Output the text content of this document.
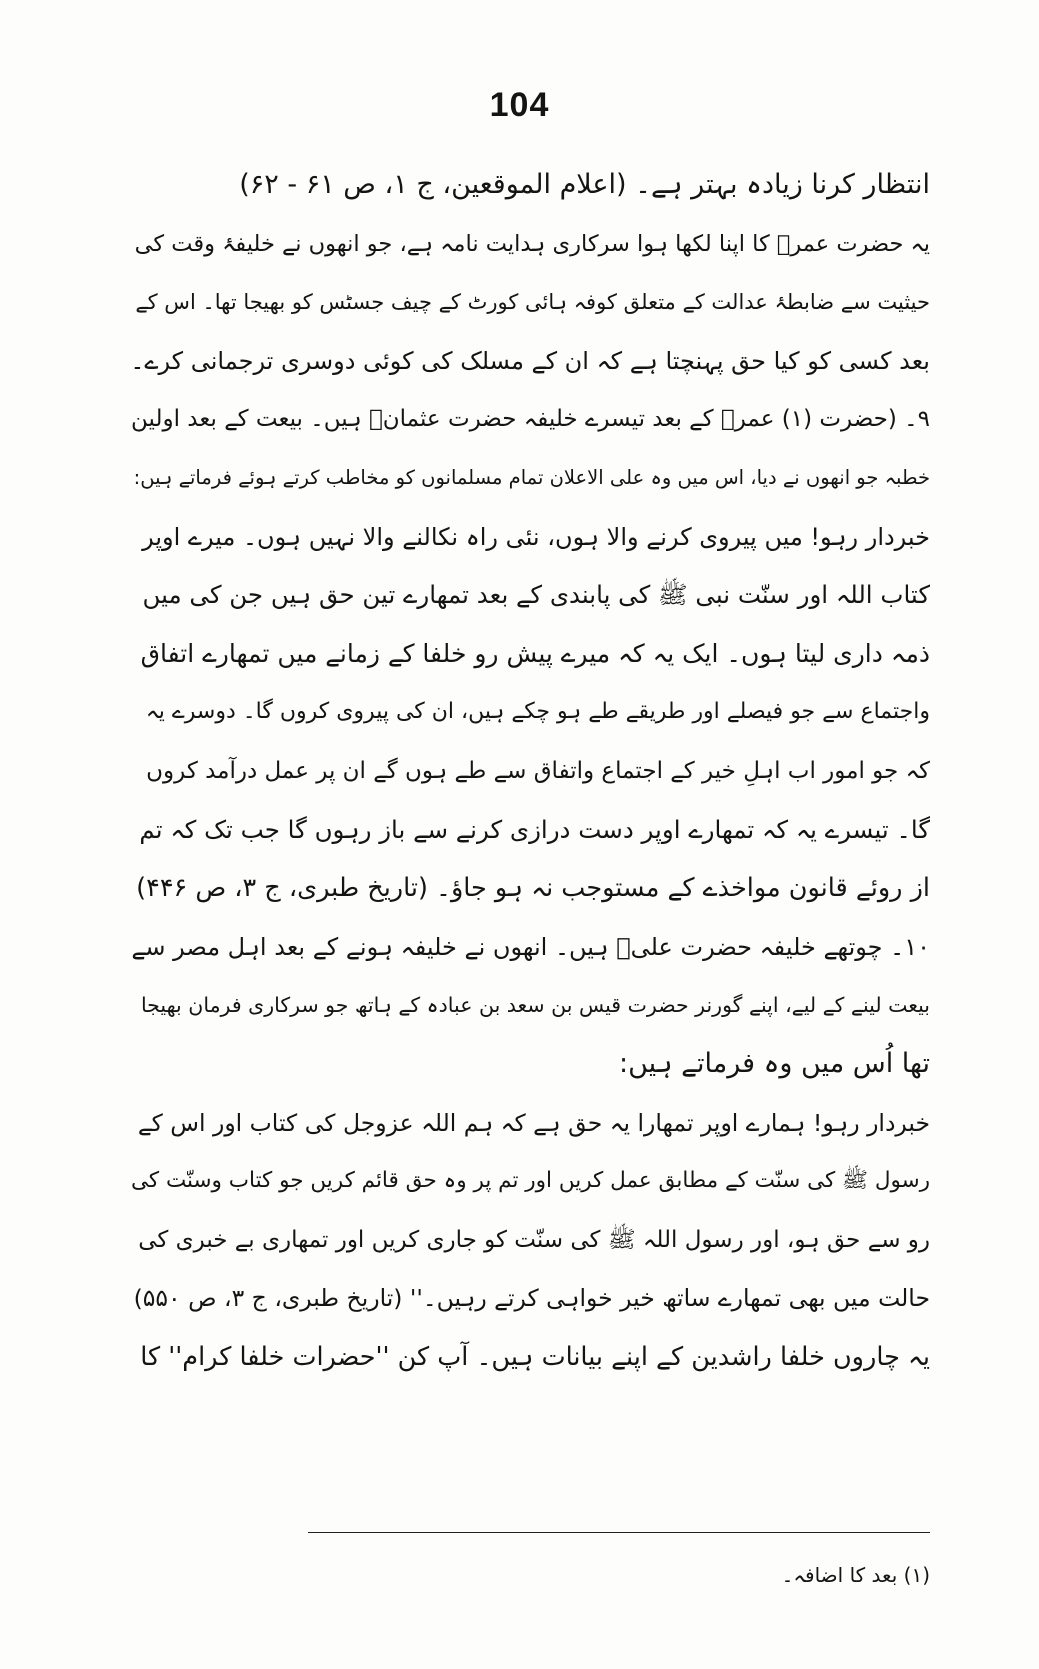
104
انتظار کرنا زیادہ بہتر ہے۔ (اعلام الموقعین، ج ۱، ص ۶۱ - ۶۲)
یہ حضرت عمرؓ کا اپنا لکھا ہوا سرکاری ہدایت نامہ ہے، جو انھوں نے خلیفۂ وقت کی
حیثیت سے ضابطۂ عدالت کے متعلق کوفہ ہائی کورٹ کے چیف جسٹس کو بھیجا تھا۔ اس کے
بعد کسی کو کیا حق پہنچتا ہے کہ ان کے مسلک کی کوئی دوسری ترجمانی کرے۔
۹۔ (حضرت (۱) عمرؓ کے بعد تیسرے خلیفہ حضرت عثمانؓ ہیں۔ بیعت کے بعد اولین
خطبہ جو انھوں نے دیا، اس میں وہ علی الاعلان تمام مسلمانوں کو مخاطب کرتے ہوئے فرماتے ہیں:
خبردار رہو! میں پیروی کرنے والا ہوں، نئی راہ نکالنے والا نہیں ہوں۔ میرے اوپر
کتاب اللہ اور سنّت نبی ﷺ کی پابندی کے بعد تمھارے تین حق ہیں جن کی میں
ذمہ داری لیتا ہوں۔ ایک یہ کہ میرے پیش رو خلفا کے زمانے میں تمھارے اتفاق
واجتماع سے جو فیصلے اور طریقے طے ہو چکے ہیں، ان کی پیروی کروں گا۔ دوسرے یہ
کہ جو امور اب اہلِ خیر کے اجتماع واتفاق سے طے ہوں گے ان پر عمل درآمد کروں
گا۔ تیسرے یہ کہ تمھارے اوپر دست درازی کرنے سے باز رہوں گا جب تک کہ تم
از روئے قانون مواخذے کے مستوجب نہ ہو جاؤ۔ (تاریخ طبری، ج ۳، ص ۴۴۶)
۱۰۔ چوتھے خلیفہ حضرت علیؓ ہیں۔ انھوں نے خلیفہ ہونے کے بعد اہل مصر سے
بیعت لینے کے لیے، اپنے گورنر حضرت قیس بن سعد بن عبادہ کے ہاتھ جو سرکاری فرمان بھیجا
تھا اُس میں وہ فرماتے ہیں:
خبردار رہو! ہمارے اوپر تمھارا یہ حق ہے کہ ہم اللہ عزوجل کی کتاب اور اس کے
رسول ﷺ کی سنّت کے مطابق عمل کریں اور تم پر وہ حق قائم کریں جو کتاب وسنّت کی
رو سے حق ہو، اور رسول اللہ ﷺ کی سنّت کو جاری کریں اور تمھاری بے خبری کی
حالت میں بھی تمھارے ساتھ خیر خواہی کرتے رہیں۔'' (تاریخ طبری، ج ۳، ص ۵۵۰)
یہ چاروں خلفا راشدین کے اپنے بیانات ہیں۔ آپ کن ''حضرات خلفا کرام'' کا
(۱) بعد کا اضافہ۔
